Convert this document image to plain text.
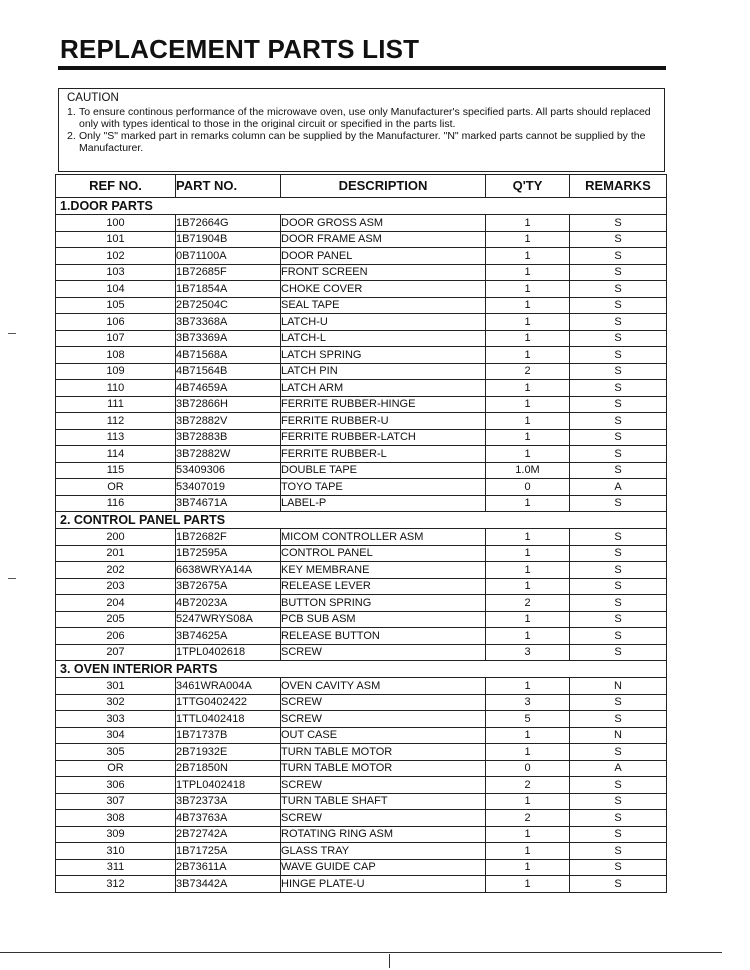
REPLACEMENT PARTS LIST
CAUTION
1. To ensure continous performance of the microwave oven, use only Manufacturer's specified parts. All parts should replaced only with types identical to those in the original circuit or specified in the parts list.
2. Only "S" marked part in remarks column can be supplied by the Manufacturer. "N" marked parts cannot be supplied by the Manufacturer.
REF NO.	PART NO.	DESCRIPTION	Q'TY	REMARKS
1.DOOR PARTS				
100	1B72664G	DOOR GROSS ASM	1	S
101	1B71904B	DOOR FRAME ASM	1	S
102	0B71100A	DOOR PANEL	1	S
103	1B72685F	FRONT SCREEN	1	S
104	1B71854A	CHOKE COVER	1	S
105	2B72504C	SEAL TAPE	1	S
106	3B73368A	LATCH-U	1	S
107	3B73369A	LATCH-L	1	S
108	4B71568A	LATCH SPRING	1	S
109	4B71564B	LATCH PIN	2	S
110	4B74659A	LATCH ARM	1	S
111	3B72866H	FERRITE RUBBER-HINGE	1	S
112	3B72882V	FERRITE RUBBER-U	1	S
113	3B72883B	FERRITE RUBBER-LATCH	1	S
114	3B72882W	FERRITE RUBBER-L	1	S
115	53409306	DOUBLE TAPE	1.0M	S
OR	53407019	TOYO TAPE	0	A
116	3B74671A	LABEL-P	1	S
2. CONTROL PANEL PARTS				
200	1B72682F	MICOM CONTROLLER ASM	1	S
201	1B72595A	CONTROL PANEL	1	S
202	6638WRYA14A	KEY MEMBRANE	1	S
203	3B72675A	RELEASE LEVER	1	S
204	4B72023A	BUTTON SPRING	2	S
205	5247WRYS08A	PCB SUB ASM	1	S
206	3B74625A	RELEASE BUTTON	1	S
207	1TPL0402618	SCREW	3	S
3. OVEN INTERIOR PARTS				
301	3461WRA004A	OVEN CAVITY ASM	1	N
302	1TTG0402422	SCREW	3	S
303	1TTL0402418	SCREW	5	S
304	1B71737B	OUT CASE	1	N
305	2B71932E	TURN TABLE MOTOR	1	S
OR	2B71850N	TURN TABLE MOTOR	0	A
306	1TPL0402418	SCREW	2	S
307	3B72373A	TURN TABLE SHAFT	1	S
308	4B73763A	SCREW	2	S
309	2B72742A	ROTATING RING ASM	1	S
310	1B71725A	GLASS TRAY	1	S
311	2B73611A	WAVE GUIDE CAP	1	S
312	3B73442A	HINGE PLATE-U	1	S
